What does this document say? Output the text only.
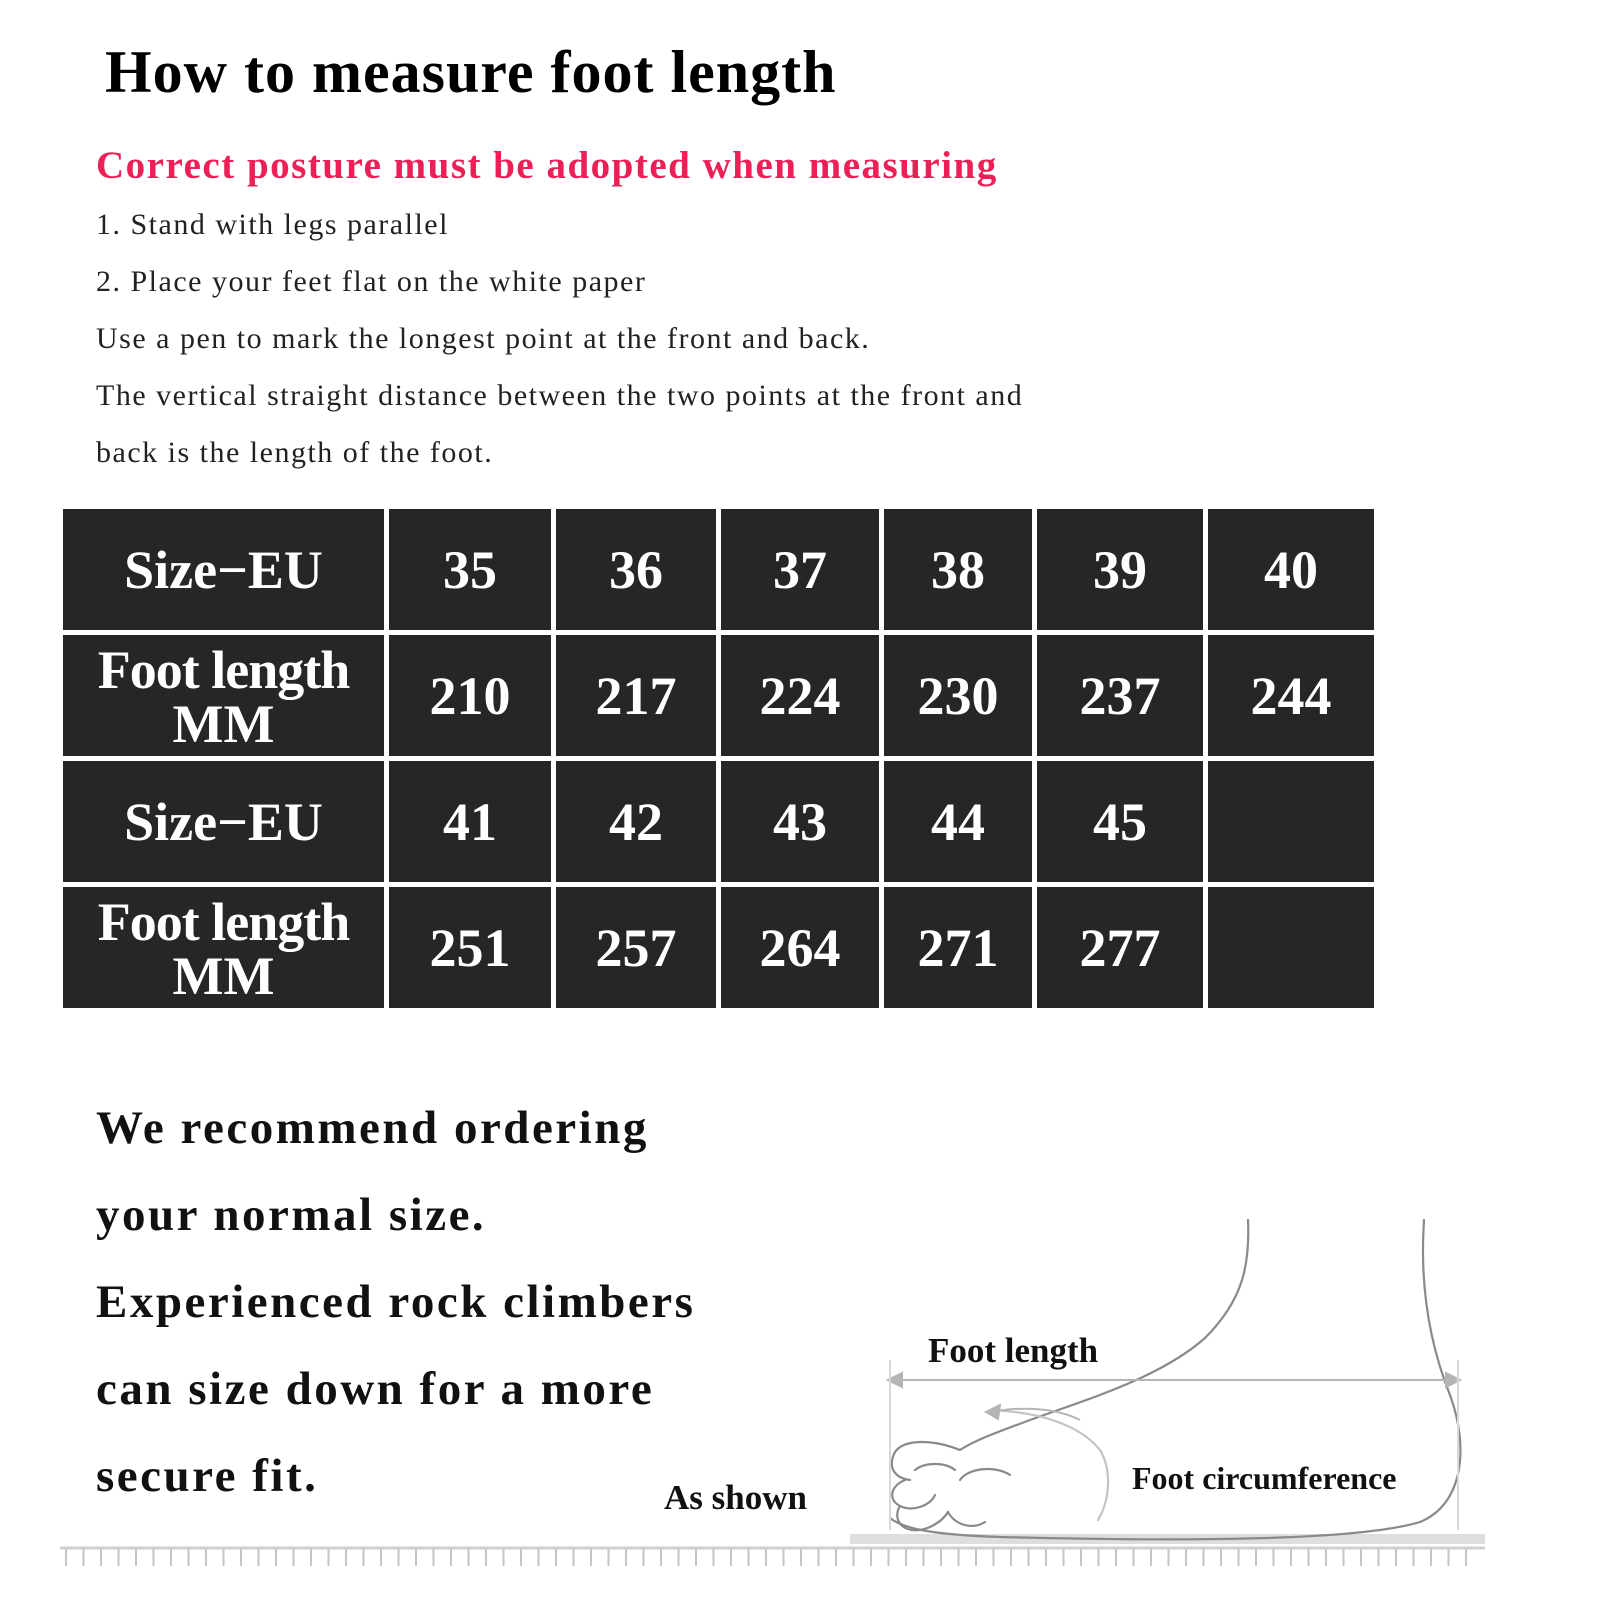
How to measure foot length
Correct posture must be adopted when measuring
1. Stand with legs parallel
2. Place your feet flat on the white paper
Use a pen to mark the longest point at the front and back.
The vertical straight distance between the two points at the front and
back is the length of the foot.
Size−EU	35	36	37	38	39	40

Foot length
MM	210	217	224	230	237	244
Size−EU	41	42	43	44	45	

Foot length
MM	251	257	264	271	277	
We recommend ordering
your normal size.
Experienced rock climbers
can size down for a more
secure fit.
Foot length
Foot circumference
As shown
